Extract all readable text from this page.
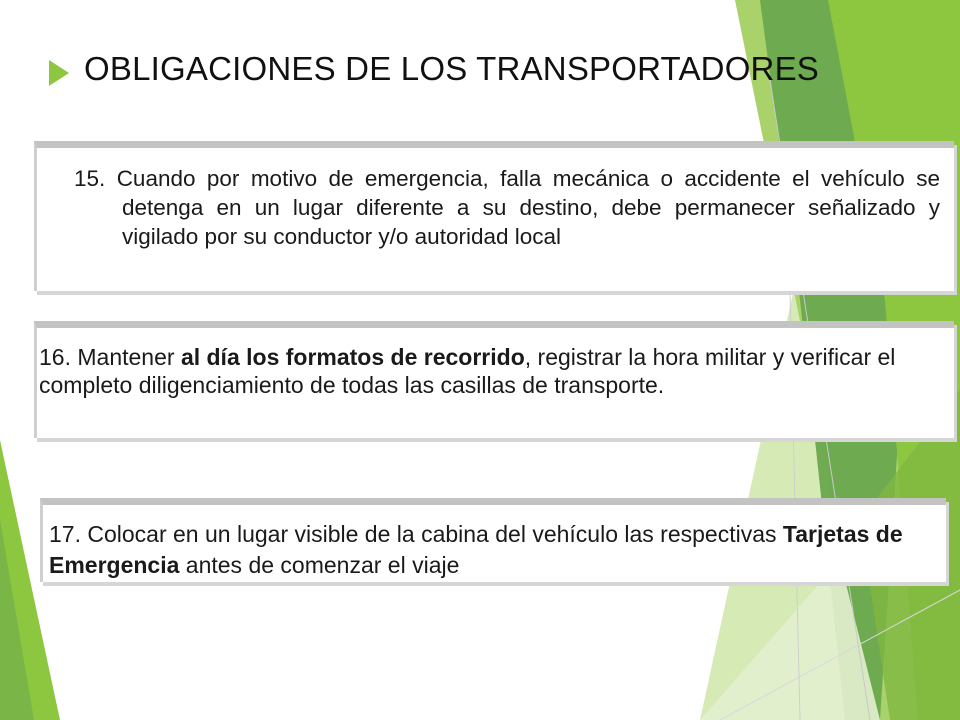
OBLIGACIONES DE LOS TRANSPORTADORES

15. Cuando por motivo de emergencia, falla mecánica o accidente el vehículo se detenga en un lugar diferente a su destino, debe permanecer señalizado y vigilado por su conductor y/o autoridad local

16. Mantener al día los formatos de recorrido, registrar la hora militar y verificar el completo diligenciamiento de todas las casillas de transporte.

17. Colocar en un lugar visible de la cabina del vehículo las respectivas Tarjetas de Emergencia antes de comenzar el viaje
